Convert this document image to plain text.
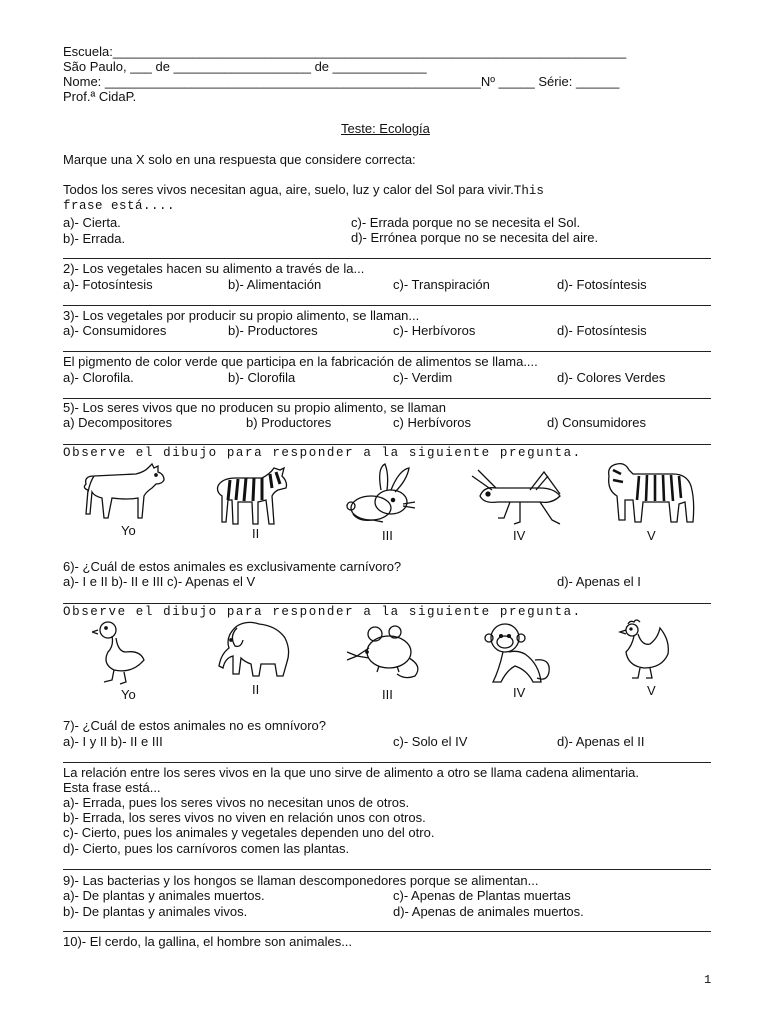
Escuela:_______________________________________________________________________
São Paulo, ___ de ___________________ de _____________
Nome: ____________________________________________________Nº _____ Série: ______
Prof.ª CidaP.
Teste: Ecología
Marque una X solo en una respuesta que considere correcta:
Todos los seres vivos necesitan agua, aire, suelo, luz y calor del Sol para vivir.This
frase está....
a)- Cierta.	c)- Errada porque no se necesita el Sol.
b)- Errada.	d)- Errónea porque no se necesita del aire.
2)- Los vegetales hacen su alimento a través de la...
a)- Fotosíntesis	b)- Alimentación	c)- Transpiración	d)- Fotosíntesis
3)- Los vegetales por producir su propio alimento, se llaman...
a)- Consumidores	b)- Productores	c)- Herbívoros	d)- Fotosíntesis
El pigmento de color verde que participa en la fabricación de alimentos se llama....
a)- Clorofila.	b)- Clorofila	c)- Verdim	d)- Colores Verdes
5)- Los seres vivos que no producen su propio alimento, se llaman
a) Decompositores	b) Productores	c) Herbívoros	d) Consumidores
Observe el dibujo para responder a la siguiente pregunta.
Yo	II	III	IV	V
6)- ¿Cuál de estos animales es exclusivamente carnívoro?
a)- I e II b)- II e III c)- Apenas el V	d)- Apenas el I
Observe el dibujo para responder a la siguiente pregunta.
Yo	II	III	IV	V
7)- ¿Cuál de estos animales no es omnívoro?
a)- I y II b)- II e III	c)- Solo el IV	d)- Apenas el II
La relación entre los seres vivos en la que uno sirve de alimento a otro se llama cadena alimentaria.
Esta frase está...
a)- Errada, pues los seres vivos no necesitan unos de otros.
b)- Errada, los seres vivos no viven en relación unos con otros.
c)- Cierto, pues los animales y vegetales dependen uno del otro.
d)- Cierto, pues los carnívoros comen las plantas.
9)- Las bacterias y los hongos se llaman descomponedores porque se alimentan...
a)- De plantas y animales muertos.	c)- Apenas de Plantas muertas
b)- De plantas y animales vivos.	d)- Apenas de animales muertos.
10)- El cerdo, la gallina, el hombre son animales...
1
